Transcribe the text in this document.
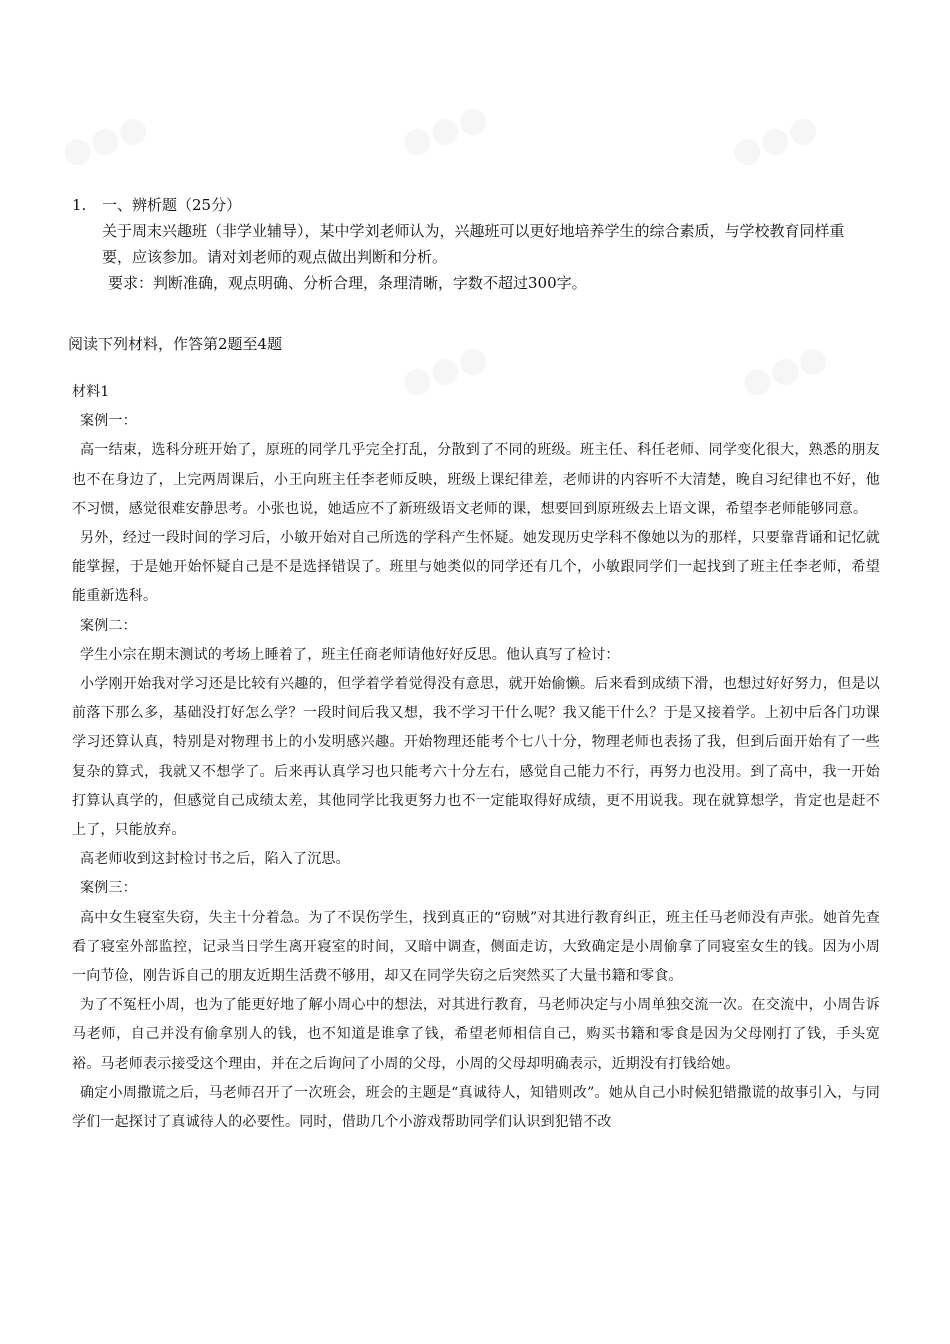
1.	一、辨析题（25分）
关于周末兴趣班（非学业辅导），某中学刘老师认为，兴趣班可以更好地培养学生的综合素质，与学校教育同样重要，应该参加。请对刘老师的观点做出判断和分析。
要求：判断准确，观点明确、分析合理，条理清晰，字数不超过300字。
阅读下列材料，作答第2题至4题

材料1

案例一：

高一结束，选科分班开始了，原班的同学几乎完全打乱，分散到了不同的班级。班主任、科任老师、同学变化很大，熟悉的朋友也不在身边了，上完两周课后，小王向班主任李老师反映，班级上课纪律差，老师讲的内容听不大清楚，晚自习纪律也不好，他不习惯，感觉很难安静思考。小张也说，她适应不了新班级语文老师的课，想要回到原班级去上语文课，希望李老师能够同意。

另外，经过一段时间的学习后，小敏开始对自己所选的学科产生怀疑。她发现历史学科不像她以为的那样，只要靠背诵和记忆就能掌握，于是她开始怀疑自己是不是选择错误了。班里与她类似的同学还有几个，小敏跟同学们一起找到了班主任李老师，希望能重新选科。

案例二：

学生小宗在期末测试的考场上睡着了，班主任商老师请他好好反思。他认真写了检讨：

小学刚开始我对学习还是比较有兴趣的，但学着学着觉得没有意思，就开始偷懒。后来看到成绩下滑，也想过好好努力，但是以前落下那么多，基础没打好怎么学？一段时间后我又想，我不学习干什么呢？我又能干什么？于是又接着学。上初中后各门功课学习还算认真，特别是对物理书上的小发明感兴趣。开始物理还能考个七八十分，物理老师也表扬了我，但到后面开始有了一些复杂的算式，我就又不想学了。后来再认真学习也只能考六十分左右，感觉自己能力不行，再努力也没用。到了高中，我一开始打算认真学的，但感觉自己成绩太差，其他同学比我更努力也不一定能取得好成绩，更不用说我。现在就算想学，肯定也是赶不上了，只能放弃。

高老师收到这封检讨书之后，陷入了沉思。

案例三：

高中女生寝室失窃，失主十分着急。为了不误伤学生，找到真正的“窃贼”对其进行教育纠正，班主任马老师没有声张。她首先查看了寝室外部监控，记录当日学生离开寝室的时间，又暗中调查，侧面走访，大致确定是小周偷拿了同寝室女生的钱。因为小周一向节俭，刚告诉自己的朋友近期生活费不够用，却又在同学失窃之后突然买了大量书籍和零食。

为了不冤枉小周，也为了能更好地了解小周心中的想法，对其进行教育，马老师决定与小周单独交流一次。在交流中，小周告诉马老师，自己并没有偷拿别人的钱，也不知道是谁拿了钱，希望老师相信自己，购买书籍和零食是因为父母刚打了钱，手头宽裕。马老师表示接受这个理由，并在之后询问了小周的父母，小周的父母却明确表示，近期没有打钱给她。

确定小周撒谎之后，马老师召开了一次班会，班会的主题是“真诚待人，知错则改”。她从自己小时候犯错撒谎的故事引入，与同学们一起探讨了真诚待人的必要性。同时，借助几个小游戏帮助同学们认识到犯错不改
